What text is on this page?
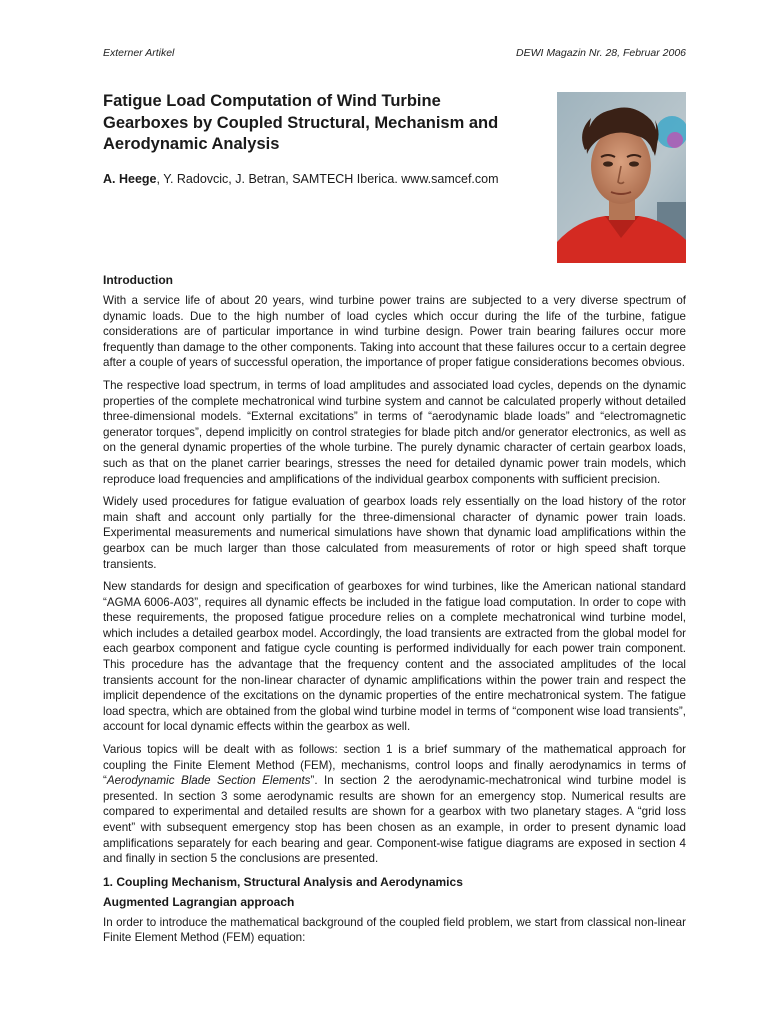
Externer Artikel	DEWI Magazin Nr. 28, Februar 2006
Fatigue Load Computation of Wind Turbine Gearboxes by Coupled Structural, Mechanism and Aerodynamic Analysis
A. Heege, Y. Radovcic, J. Betran, SAMTECH Iberica. www.samcef.com
Introduction

With a service life of about 20 years, wind turbine power trains are subjected to a very diverse spectrum of dynamic loads. Due to the high number of load cycles which occur during the life of the turbine, fatigue considerations are of particular importance in wind turbine design. Power train bearing failures occur more frequently than damage to the other components. Taking into account that these failures occur to a certain degree after a couple of years of successful operation, the importance of proper fatigue considerations becomes obvious.

The respective load spectrum, in terms of load amplitudes and associated load cycles, depends on the dynamic properties of the complete mechatronical wind turbine system and cannot be calculated properly without detailed three-dimensional models. “External excitations” in terms of “aerodynamic blade loads” and “electromagnetic generator torques”, depend implicitly on control strategies for blade pitch and/or generator electronics, as well as on the general dynamic properties of the whole turbine. The purely dynamic character of certain gearbox loads, such as that on the planet carrier bearings, stresses the need for detailed dynamic power train models, which reproduce load frequencies and amplifications of the individual gearbox components with sufficient precision.

Widely used procedures for fatigue evaluation of gearbox loads rely essentially on the load history of the rotor main shaft and account only partially for the three-dimensional character of dynamic power train loads. Experimental measurements and numerical simulations have shown that dynamic load amplifications within the gearbox can be much larger than those calculated from measurements of rotor or high speed shaft torque transients.

New standards for design and specification of gearboxes for wind turbines, like the American national standard “AGMA 6006-A03”, requires all dynamic effects be included in the fatigue load computation. In order to cope with these requirements, the proposed fatigue procedure relies on a complete mechatronical wind turbine model, which includes a detailed gearbox model. Accordingly, the load transients are extracted from the global model for each gearbox component and fatigue cycle counting is performed individually for each power train component. This procedure has the advantage that the frequency content and the associated amplitudes of the local transients account for the non-linear character of dynamic amplifications within the power train and respect the implicit dependence of the excitations on the dynamic properties of the entire mechatronical system. The fatigue load spectra, which are obtained from the global wind turbine model in terms of “component wise load transients”, account for local dynamic effects within the gearbox as well.

Various topics will be dealt with as follows: section 1 is a brief summary of the mathematical approach for coupling the Finite Element Method (FEM), mechanisms, control loops and finally aerodynamics in terms of “Aerodynamic Blade Section Elements”. In section 2 the aerodynamic-mechatronical wind turbine model is presented. In section 3 some aerodynamic results are shown for an emergency stop. Numerical results are compared to experimental and detailed results are shown for a gearbox with two planetary stages. A “grid loss event” with subsequent emergency stop has been chosen as an example, in order to present dynamic load amplifications separately for each bearing and gear. Component-wise fatigue diagrams are exposed in section 4 and finally in section 5 the conclusions are presented.

1. Coupling Mechanism, Structural Analysis and Aerodynamics
Augmented Lagrangian approach

In order to introduce the mathematical background of the coupled field problem, we start from classical non-linear Finite Element Method (FEM) equation:
